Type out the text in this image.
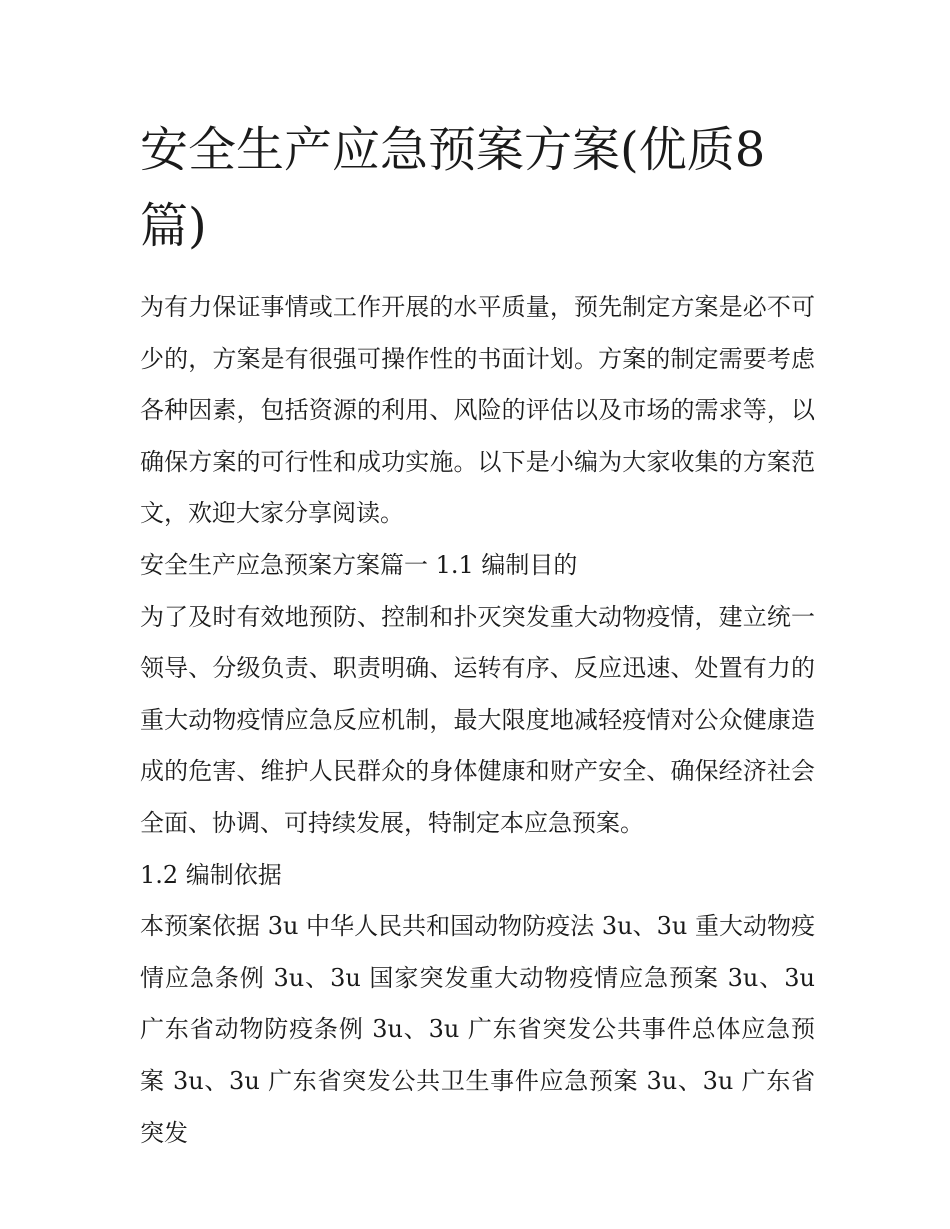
安全生产应急预案方案(优质8篇)

为有力保证事情或工作开展的水平质量，预先制定方案是必不可少的，方案是有很强可操作性的书面计划。方案的制定需要考虑各种因素，包括资源的利用、风险的评估以及市场的需求等，以确保方案的可行性和成功实施。以下是小编为大家收集的方案范文，欢迎大家分享阅读。

安全生产应急预案方案篇一 1.1 编制目的

为了及时有效地预防、控制和扑灭突发重大动物疫情，建立统一领导、分级负责、职责明确、运转有序、反应迅速、处置有力的重大动物疫情应急反应机制，最大限度地减轻疫情对公众健康造成的危害、维护人民群众的身体健康和财产安全、确保经济社会全面、协调、可持续发展，特制定本应急预案。

1.2 编制依据

本预案依据 3u 中华人民共和国动物防疫法 3u、3u 重大动物疫情应急条例 3u、3u 国家突发重大动物疫情应急预案 3u、3u 广东省动物防疫条例 3u、3u 广东省突发公共事件总体应急预案 3u、3u 广东省突发公共卫生事件应急预案 3u、3u 广东省突发
